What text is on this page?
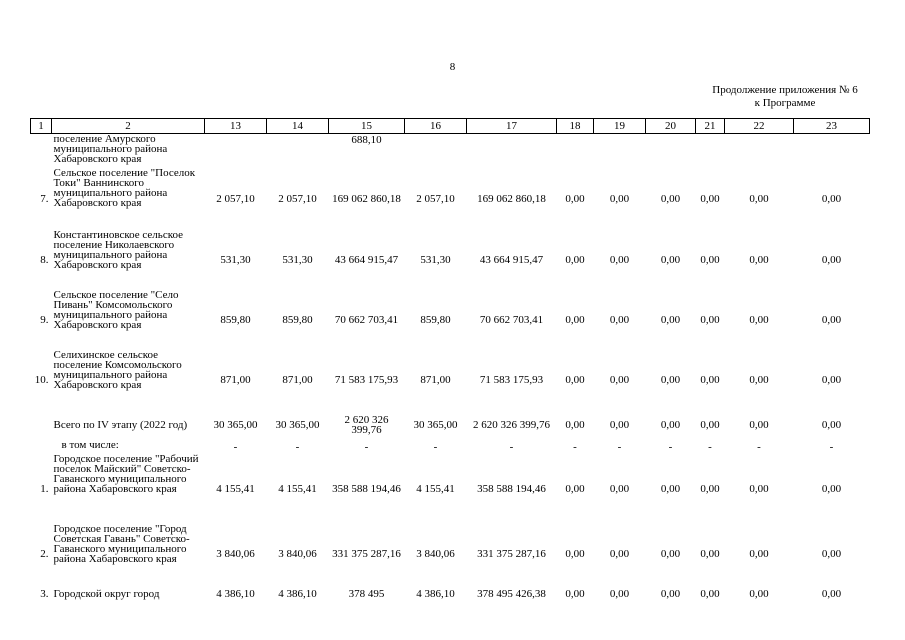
8
Продолжение приложения № 6
к Программе
1	2	13	14	15	16	17	18	19	20	21	22	23
	поселение Амурского муниципального района Хабаровского края			688,10								
7.	Сельское поселение "Поселок Токи" Ваннинского муниципального района Хабаровского края	2 057,10	2 057,10	169 062 860,18	2 057,10	169 062 860,18	0,00	0,00	0,00	0,00	0,00	0,00
8.	Константиновское сельское поселение Николаевского муниципального района Хабаровского края	531,30	531,30	43 664 915,47	531,30	43 664 915,47	0,00	0,00	0,00	0,00	0,00	0,00
9.	Сельское поселение "Село Пивань" Комсомольского муниципального района Хабаровского края	859,80	859,80	70 662 703,41	859,80	70 662 703,41	0,00	0,00	0,00	0,00	0,00	0,00
10.	Селихинское сельское поселение Комсомольского муниципального района Хабаровского края	871,00	871,00	71 583 175,93	871,00	71 583 175,93	0,00	0,00	0,00	0,00	0,00	0,00
	Всего по IV этапу (2022 год)	30 365,00	30 365,00	2 620 326 399,76	30 365,00	2 620 326 399,76	0,00	0,00	0,00	0,00	0,00	0,00
	в том числе:	-	-	-	-	-	-	-	-	-	-	-
1.	Городское поселение "Рабочий поселок Майский" Советско-Гаванского муниципального района Хабаровского края	4 155,41	4 155,41	358 588 194,46	4 155,41	358 588 194,46	0,00	0,00	0,00	0,00	0,00	0,00
2.	Городское поселение "Город Советская Гавань" Советско-Гаванского муниципального района Хабаровского края	3 840,06	3 840,06	331 375 287,16	3 840,06	331 375 287,16	0,00	0,00	0,00	0,00	0,00	0,00
3.	Городской округ город	4 386,10	4 386,10	378 495	4 386,10	378 495 426,38	0,00	0,00	0,00	0,00	0,00	0,00
